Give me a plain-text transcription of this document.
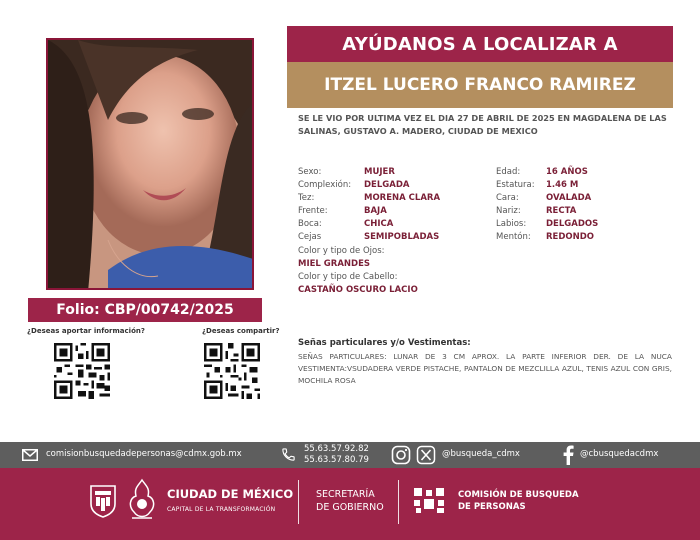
Folio: CBP/00742/2025
¿Deseas aportar información?	¿Deseas compartir?
AYÚDANOS A LOCALIZAR A
ITZEL LUCERO FRANCO RAMIREZ
SE LE VIO POR ULTIMA VEZ EL DIA 27 DE ABRIL DE 2025 EN MAGDALENA DE LAS SALINAS, GUSTAVO A. MADERO, CIUDAD DE MEXICO
Sexo:	MUJER
Complexión: DELGADA
Tez:	MORENA CLARA
Frente:	BAJA
Boca:	CHICA
Cejas	SEMIPOBLADAS
Edad:	16 AÑOS
Estatura: 1.46 M
Cara:	OVALADA
Nariz:	RECTA
Labios: DELGADOS
Mentón: REDONDO
Color y tipo de Ojos:
MIEL GRANDES
Color y tipo de Cabello:
CASTAÑO OSCURO LACIO
Señas particulares y/o Vestimentas:
SEÑAS PARTICULARES: LUNAR DE 3 CM APROX. LA PARTE INFERIOR DER. DE LA NUCA VESTIMENTA:VSUDADERA VERDE PISTACHE, PANTALON DE MEZCLILLA AZUL, TENIS AZUL CON GRIS, MOCHILA ROSA
comisionbusquedadepersonas@cdmx.gob.mx	55.63.57.92.82
55.63.57.80.79
@busqueda_cdmx	@cbusquedacdmx
CIUDAD DE MÉXICO
CAPITAL DE LA TRANSFORMACIÓN
SECRETARÍA
DE GOBIERNO
COMISIÓN DE BUSQUEDA
DE PERSONAS
